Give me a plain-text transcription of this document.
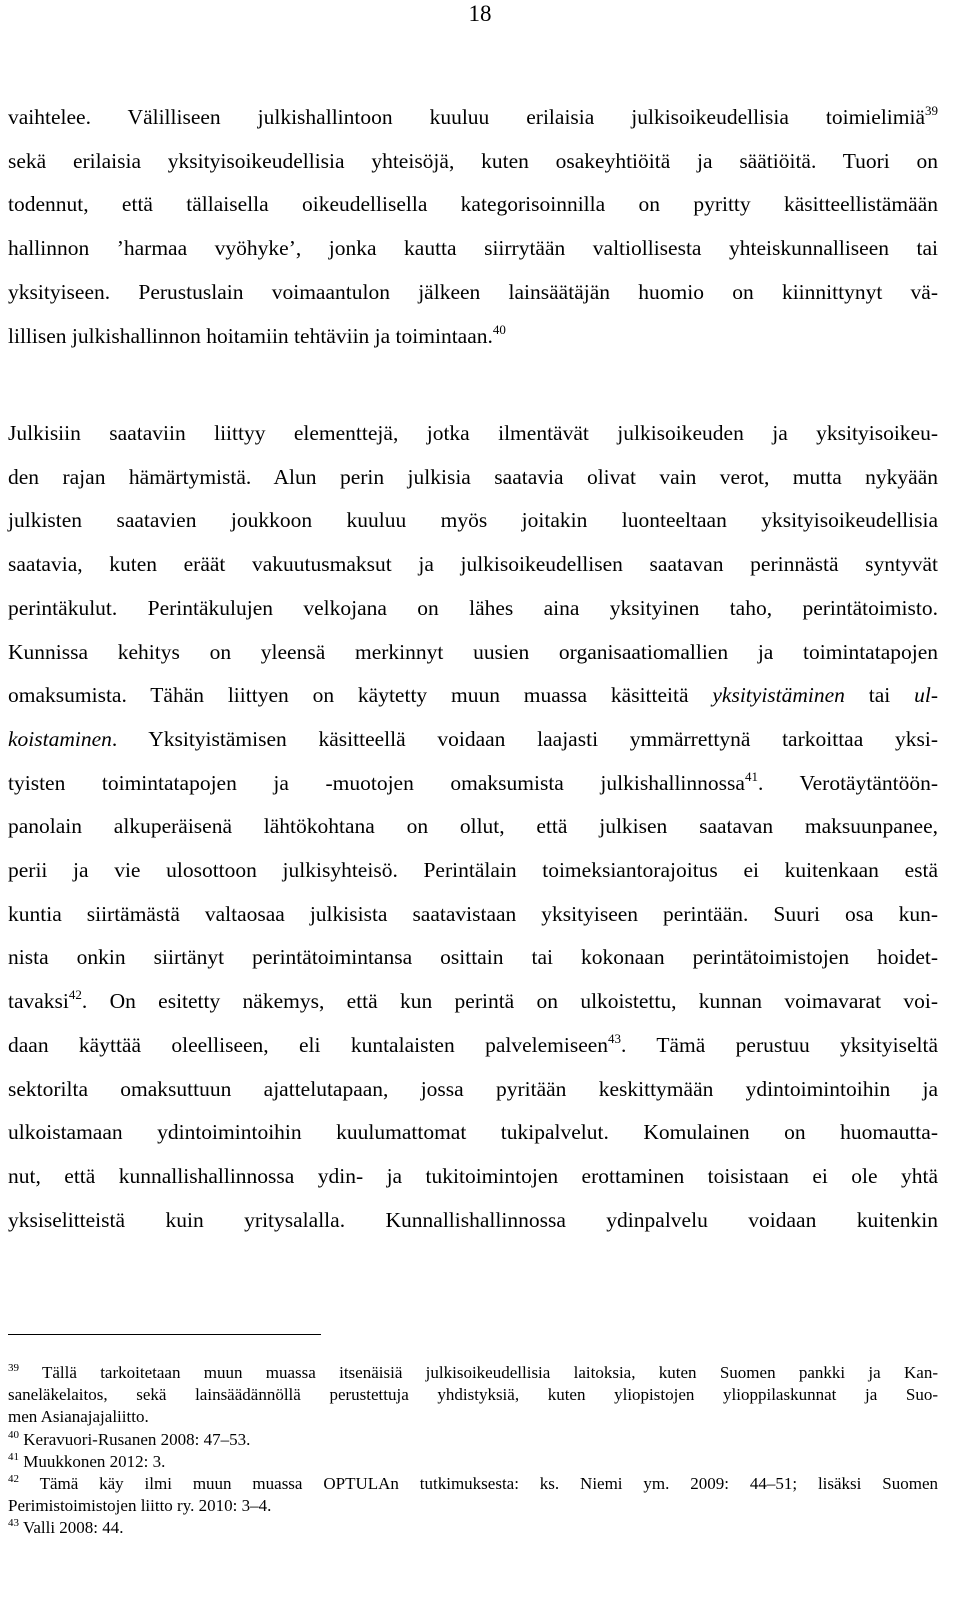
18
vaihtelee. Välilliseen julkishallintoon kuuluu erilaisia julkisoikeudellisia toimielimiä$^{39}$
sekä erilaisia yksityisoikeudellisia yhteisöjä, kuten osakeyhtiöitä ja säätiöitä. Tuori on
todennut, että tällaisella oikeudellisella kategorisoinnilla on pyritty käsitteellistämään
hallinnon ’harmaa vyöhyke’, jonka kautta siirrytään valtiollisesta yhteiskunnalliseen tai
yksityiseen. Perustuslain voimaantulon jälkeen lainsäätäjän huomio on kiinnittynyt vä-
lillisen julkishallinnon hoitamiin tehtäviin ja toimintaan.$^{40}$
Julkisiin saataviin liittyy elementtejä, jotka ilmentävät julkisoikeuden ja yksityisoikeu-
den rajan hämärtymistä. Alun perin julkisia saatavia olivat vain verot, mutta nykyään
julkisten saatavien joukkoon kuuluu myös joitakin luonteeltaan yksityisoikeudellisia
saatavia, kuten eräät vakuutusmaksut ja julkisoikeudellisen saatavan perinnästä syntyvät
perintäkulut. Perintäkulujen velkojana on lähes aina yksityinen taho, perintätoimisto.
Kunnissa kehitys on yleensä merkinnyt uusien organisaatiomallien ja toimintatapojen
omaksumista. Tähän liittyen on käytetty muun muassa käsitteitä yksityistäminen tai ul-
koistaminen. Yksityistämisen käsitteellä voidaan laajasti ymmärrettynä tarkoittaa yksi-
tyisten toimintatapojen ja -muotojen omaksumista julkishallinnossa$^{41}$. Verotäytäntöön-
panolain alkuperäisenä lähtökohtana on ollut, että julkisen saatavan maksuunpanee,
perii ja vie ulosottoon julkisyhteisö. Perintälain toimeksiantorajoitus ei kuitenkaan estä
kuntia siirtämästä valtaosaa julkisista saatavistaan yksityiseen perintään. Suuri osa kun-
nista onkin siirtänyt perintätoimintansa osittain tai kokonaan perintätoimistojen hoidet-
tavaksi$^{42}$. On esitetty näkemys, että kun perintä on ulkoistettu, kunnan voimavarat voi-
daan käyttää oleelliseen, eli kuntalaisten palvelemiseen$^{43}$. Tämä perustuu yksityiseltä
sektorilta omaksuttuun ajattelutapaan, jossa pyritään keskittymään ydintoimintoihin ja
ulkoistamaan ydintoimintoihin kuulumattomat tukipalvelut. Komulainen on huomautta-
nut, että kunnallishallinnossa ydin- ja tukitoimintojen erottaminen toisistaan ei ole yhtä
yksiselitteistä kuin yritysalalla. Kunnallishallinnossa ydinpalvelu voidaan kuitenkin
$^{39}$ Tällä tarkoitetaan muun muassa itsenäisiä julkisoikeudellisia laitoksia, kuten Suomen pankki ja Kan-
saneläkelaitos, sekä lainsäädännöllä perustettuja yhdistyksiä, kuten yliopistojen ylioppilaskunnat ja Suo-
men Asianajajaliitto.
$^{40}$ Keravuori-Rusanen 2008: 47–53.
$^{41}$ Muukkonen 2012: 3.
$^{42}$ Tämä käy ilmi muun muassa OPTULAn tutkimuksesta: ks. Niemi ym. 2009: 44–51; lisäksi Suomen
Perimistoimistojen liitto ry. 2010: 3–4.
$^{43}$ Valli 2008: 44.
